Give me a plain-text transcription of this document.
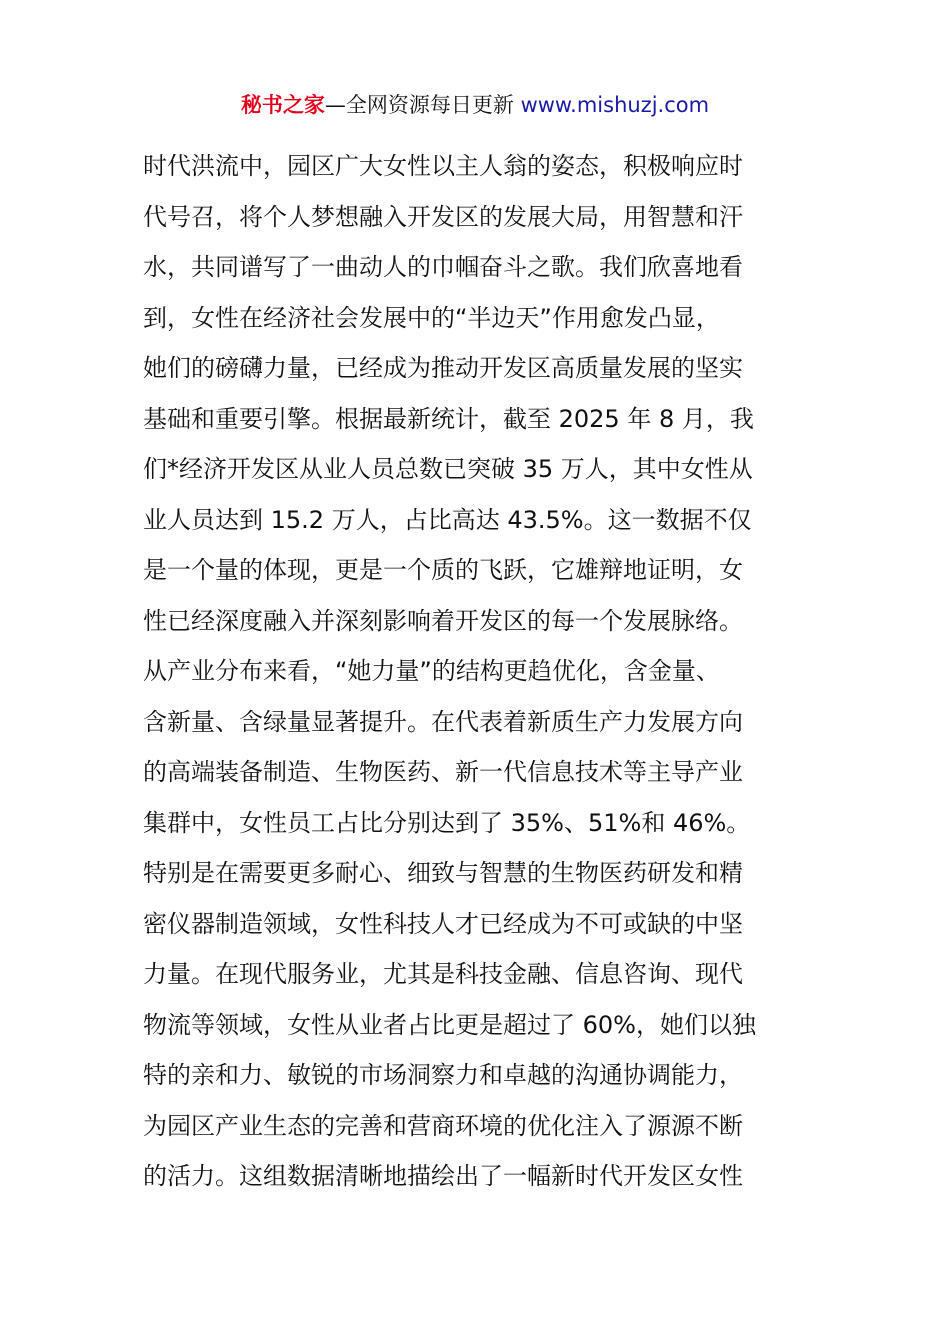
秘书之家—全网资源每日更新 www.mishuzj.com
时代洪流中，园区广大女性以主人翁的姿态，积极响应时
代号召，将个人梦想融入开发区的发展大局，用智慧和汗
水，共同谱写了一曲动人的巾帼奋斗之歌。我们欣喜地看
到，女性在经济社会发展中的“半边天”作用愈发凸显，
她们的磅礴力量，已经成为推动开发区高质量发展的坚实
基础和重要引擎。根据最新统计，截至 2025 年 8 月，我
们*经济开发区从业人员总数已突破 35 万人，其中女性从
业人员达到 15.2 万人，占比高达 43.5%。这一数据不仅
是一个量的体现，更是一个质的飞跃，它雄辩地证明，女
性已经深度融入并深刻影响着开发区的每一个发展脉络。
从产业分布来看，“她力量”的结构更趋优化，含金量、
含新量、含绿量显著提升。在代表着新质生产力发展方向
的高端装备制造、生物医药、新一代信息技术等主导产业
集群中，女性员工占比分别达到了 35%、51%和 46%。
特别是在需要更多耐心、细致与智慧的生物医药研发和精
密仪器制造领域，女性科技人才已经成为不可或缺的中坚
力量。在现代服务业，尤其是科技金融、信息咨询、现代
物流等领域，女性从业者占比更是超过了 60%，她们以独
特的亲和力、敏锐的市场洞察力和卓越的沟通协调能力，
为园区产业生态的完善和营商环境的优化注入了源源不断
的活力。这组数据清晰地描绘出了一幅新时代开发区女性
